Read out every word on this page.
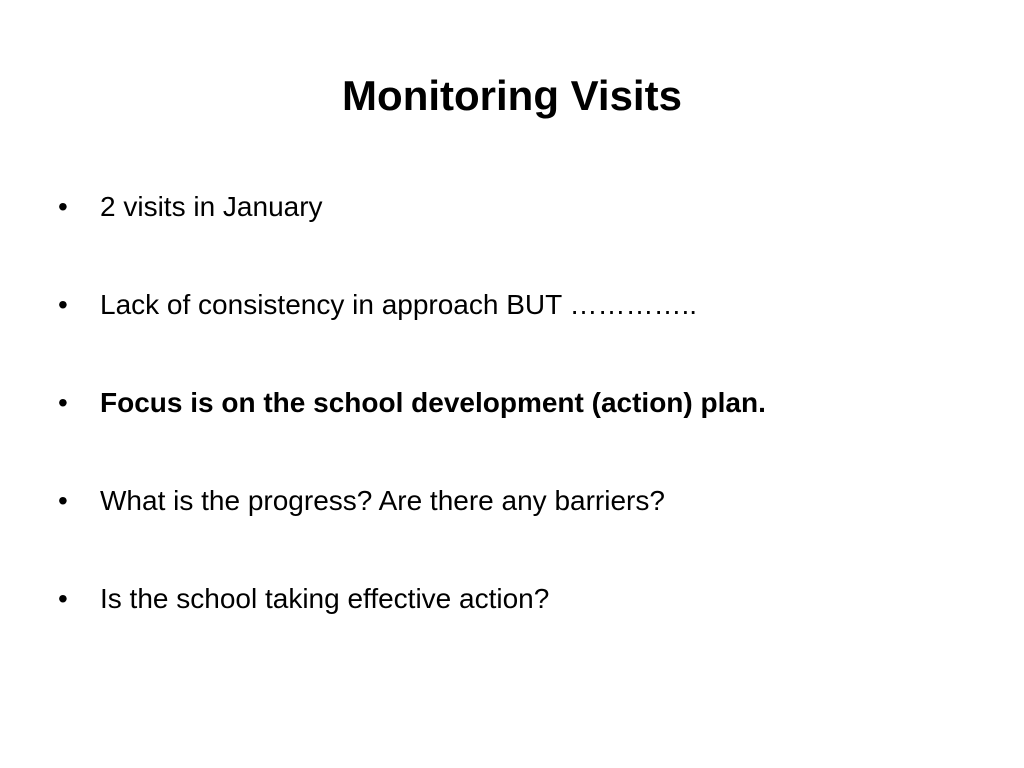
Monitoring Visits
•	2 visits in January
•	Lack of consistency in approach BUT …………..
•	Focus is on the school development (action) plan.
•	What is the progress? Are there any barriers?
•	Is the school taking effective action?
